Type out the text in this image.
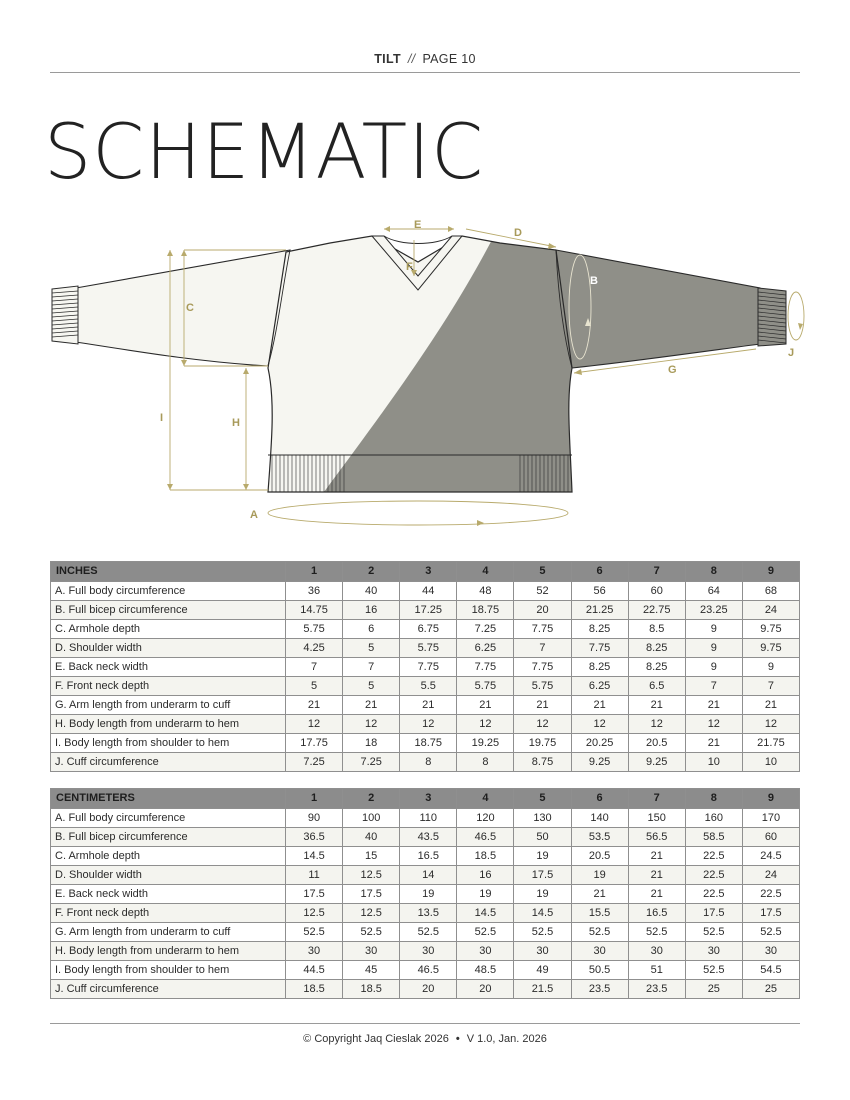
TILT // PAGE 10
SCHEMATIC
E
F
D
C
B
I	H
G
J
A
INCHES	1	2	3	4	5	6	7	8	9
A. Full body circumference	36	40	44	48	52	56	60	64	68
B. Full bicep circumference	14.75	16	17.25	18.75	20	21.25	22.75	23.25	24
C. Armhole depth	5.75	6	6.75	7.25	7.75	8.25	8.5	9	9.75
D. Shoulder width	4.25	5	5.75	6.25	7	7.75	8.25	9	9.75
E. Back neck width	7	7	7.75	7.75	7.75	8.25	8.25	9	9
F. Front neck depth	5	5	5.5	5.75	5.75	6.25	6.5	7	7
G. Arm length from underarm to cuff	21	21	21	21	21	21	21	21	21
H. Body length from underarm to hem	12	12	12	12	12	12	12	12	12
I. Body length from shoulder to hem	17.75	18	18.75	19.25	19.75	20.25	20.5	21	21.75
J. Cuff circumference	7.25	7.25	8	8	8.75	9.25	9.25	10	10
CENTIMETERS	1	2	3	4	5	6	7	8	9
A. Full body circumference	90	100	110	120	130	140	150	160	170
B. Full bicep circumference	36.5	40	43.5	46.5	50	53.5	56.5	58.5	60
C. Armhole depth	14.5	15	16.5	18.5	19	20.5	21	22.5	24.5
D. Shoulder width	11	12.5	14	16	17.5	19	21	22.5	24
E. Back neck width	17.5	17.5	19	19	19	21	21	22.5	22.5
F. Front neck depth	12.5	12.5	13.5	14.5	14.5	15.5	16.5	17.5	17.5
G. Arm length from underarm to cuff	52.5	52.5	52.5	52.5	52.5	52.5	52.5	52.5	52.5
H. Body length from underarm to hem	30	30	30	30	30	30	30	30	30
I. Body length from shoulder to hem	44.5	45	46.5	48.5	49	50.5	51	52.5	54.5
J. Cuff circumference	18.5	18.5	20	20	21.5	23.5	23.5	25	25
© Copyright Jaq Cieslak 2026 • V 1.0, Jan. 2026
